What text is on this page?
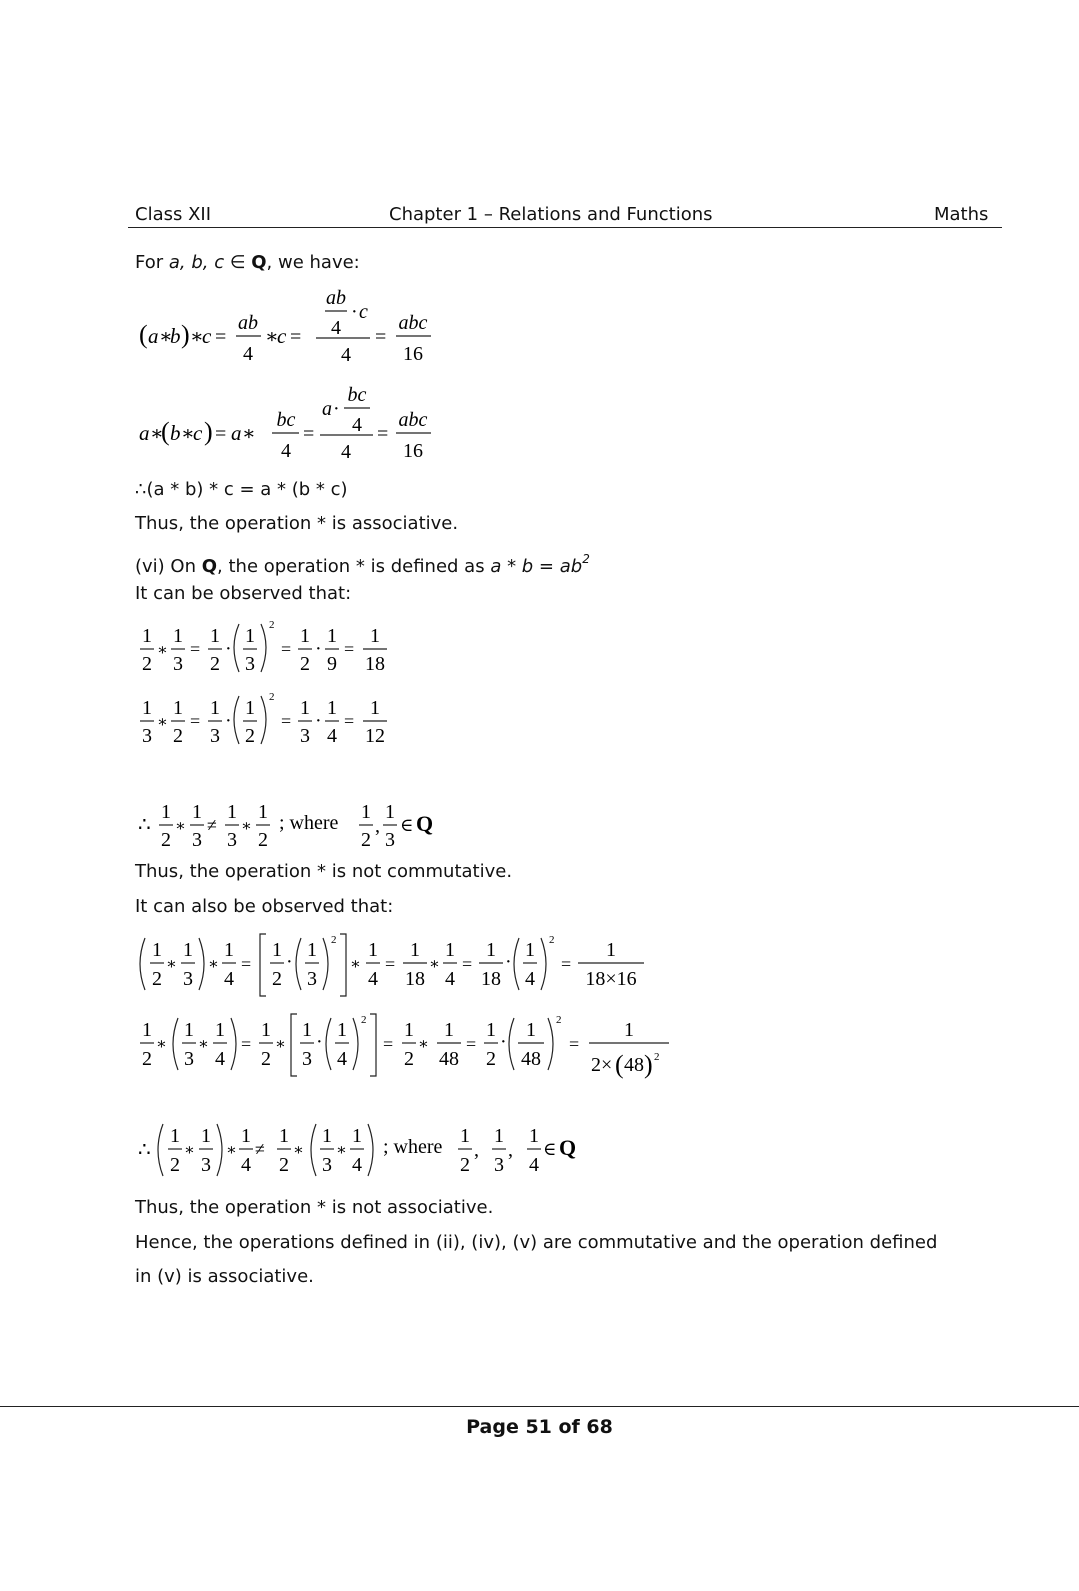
Class XII	Chapter 1 – Relations and Functions	Maths
For a, b, c ∈ Q, we have:
( a ∗
b ) ∗
c =
ab
4
∗
c =
ab
4
· c
4
=
abc
16
a ∗
( b ∗
c ) = a ∗
bc
4
=
a ·
bc
4
4
=
abc
16
∴(a * b) * c = a * (b * c)
Thus, the operation * is associative.
(vi) On Q, the operation * is defined as $a * b = ab^2$
It can be observed that:
1
2
∗
1
3
=
1
2
·
1
3
2
=
1
2
·
1
9
=
1
18
1
3
∗
1
2
=
1
3
·
1
2
2
=
1
3
·
1
4
=
1
12
∴
1
2
∗
1
3
≠
1
3
∗
1
2
; where 1
2
,
1
3
∈ Q
Thus, the operation * is not commutative.
It can also be observed that:
1
2
∗
1
3
∗
1
4
=
1
2
·
1
3
2
∗
1
4
=
1
18
∗
1
4
=
1
18
·
1
4
2
=
1
18×16
1
2
∗
1
3
∗
1
4
=
1
2
∗
1
3
·
1
4
2
=
1
2
∗
1
48
=
1
2
·
1
48
2
=
1
2× ( 48 ) 2
∴
1
2
∗
1
3
∗
1
4
≠
1
2
∗
1
3
∗
1
4
; where 1
2
,
1
3
,
1
4
∈ Q
Thus, the operation * is not associative.
Hence, the operations defined in (ii), (iv), (v) are commutative and the operation defined
in (v) is associative.
Page 51 of 68
